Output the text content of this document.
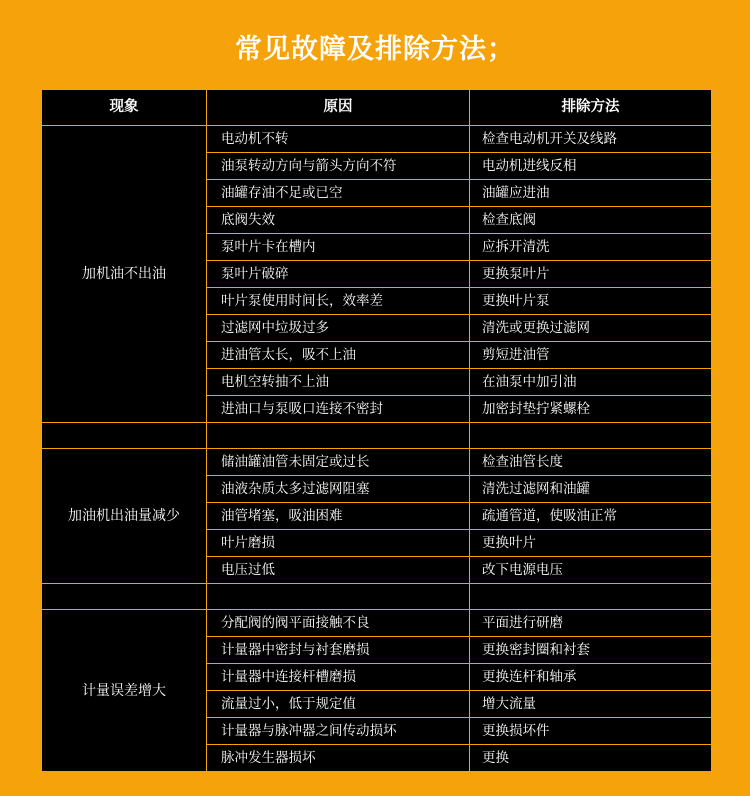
常见故障及排除方法；
现象	原因	排除方法
加机油不出油	电动机不转	检查电动机开关及线路
	油泵转动方向与箭头方向不符	电动机进线反相
	油罐存油不足或已空	油罐应进油
	底阀失效	检查底阀
	泵叶片卡在槽内	应拆开清洗
	泵叶片破碎	更换泵叶片
	叶片泵使用时间长，效率差	更换叶片泵
	过滤网中垃圾过多	清洗或更换过滤网
	进油管太长，吸不上油	剪短进油管
	电机空转抽不上油	在油泵中加引油
	进油口与泵吸口连接不密封	加密封垫拧紧螺栓

加油机出油量减少	储油罐油管未固定或过长	检查油管长度
	油液杂质太多过滤网阻塞	清洗过滤网和油罐
	油管堵塞，吸油困难	疏通管道，使吸油正常
	叶片磨损	更换叶片
	电压过低	改下电源电压

计量误差增大	分配阀的阀平面接触不良	平面进行研磨
	计量器中密封与衬套磨损	更换密封圈和衬套
	计量器中连接杆槽磨损	更换连杆和轴承
	流量过小，低于规定值	增大流量
	计量器与脉冲器之间传动损坏	更换损坏件
	脉冲发生器损坏	更换
